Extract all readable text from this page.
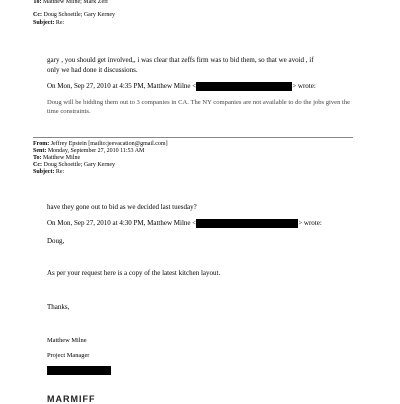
To: Matthew Milne; Mark Zeff
Cc: Doug Schoettle; Gary Kerney
Subject: Re:
gary , you should get involved,, i was clear that zeffs firm was to bid them, so that we avoid , if
only we had done it discussions.
On Mon, Sep 27, 2010 at 4:35 PM, Matthew Milne <	> wrote:
Doug will be bidding them out to 3 companies in CA. The NY companies are not available to do the jobs given the time constraints.
From: Jeffrey Epstein [mailto:jeevacation@gmail.com]
Sent: Monday, September 27, 2010 11:53 AM
To: Matthew Milne
Cc: Doug Schoettle; Gary Kerney
Subject: Re:
have they gone out to bid as we decided last tuesday?
On Mon, Sep 27, 2010 at 4:30 PM, Matthew Milne <	> wrote:
Doug,
As per your request here is a copy of the latest kitchen layout.
Thanks,
Matthew Milne
Project Manager
MARMIFF
